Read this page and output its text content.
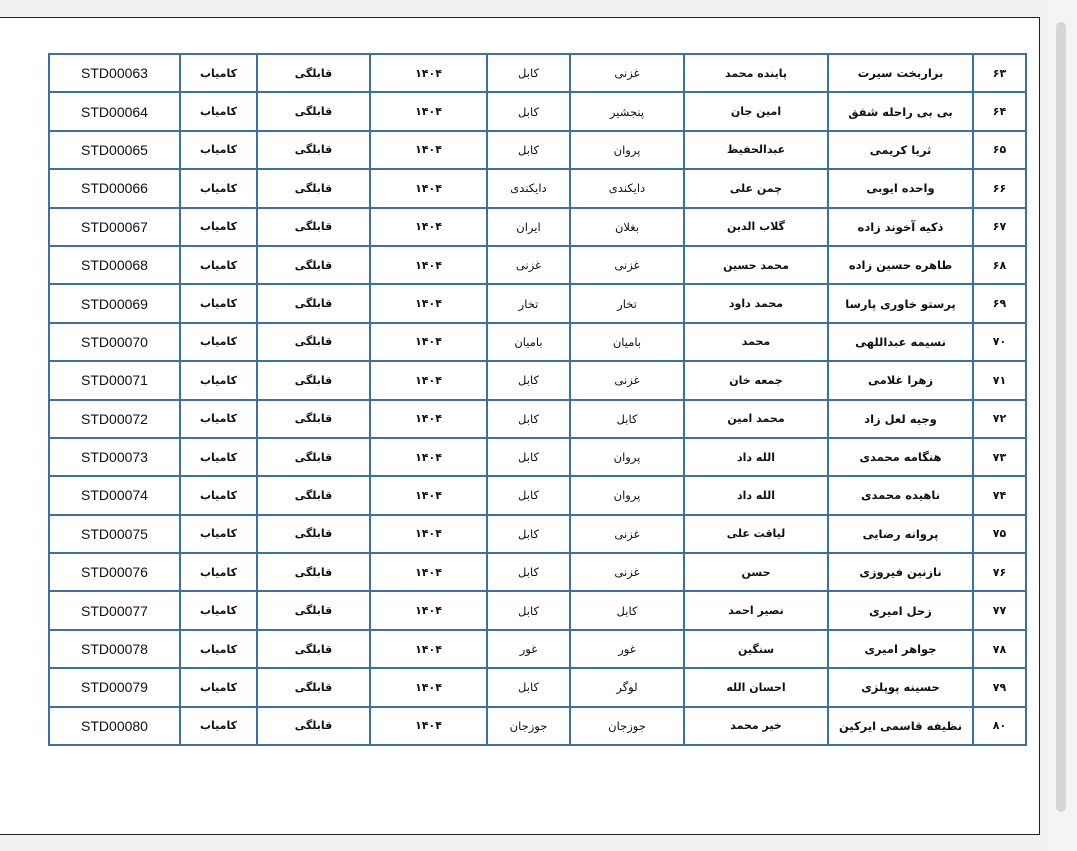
STD00063	کامیاب	قابلگی	۱۴۰۴	کابل	غزنی	پاینده محمد	براربخت سیرت	۶۳
STD00064	کامیاب	قابلگی	۱۴۰۴	کابل	پنجشیر	امین جان	بی بی راحله شفق	۶۴
STD00065	کامیاب	قابلگی	۱۴۰۴	کابل	پروان	عبدالحفیظ	ثریا کریمی	۶۵
STD00066	کامیاب	قابلگی	۱۴۰۴	دایکندی	دایکندی	چمن علی	واحده ایوبی	۶۶
STD00067	کامیاب	قابلگی	۱۴۰۴	ایران	بغلان	گلاب الدین	ذکیه آخوند زاده	۶۷
STD00068	کامیاب	قابلگی	۱۴۰۴	غزنی	غزنی	محمد حسین	طاهره حسین زاده	۶۸
STD00069	کامیاب	قابلگی	۱۴۰۴	تخار	تخار	محمد داود	پرستو خاوری پارسا	۶۹
STD00070	کامیاب	قابلگی	۱۴۰۴	بامیان	بامیان	محمد	نسیمه عبداللهی	۷۰
STD00071	کامیاب	قابلگی	۱۴۰۴	کابل	غزنی	جمعه خان	زهرا غلامی	۷۱
STD00072	کامیاب	قابلگی	۱۴۰۴	کابل	کابل	محمد امین	وجیه لعل زاد	۷۲
STD00073	کامیاب	قابلگی	۱۴۰۴	کابل	پروان	الله داد	هنگامه محمدی	۷۳
STD00074	کامیاب	قابلگی	۱۴۰۴	کابل	پروان	الله داد	ناهیده محمدی	۷۴
STD00075	کامیاب	قابلگی	۱۴۰۴	کابل	غزنی	لیاقت علی	پروانه رضایی	۷۵
STD00076	کامیاب	قابلگی	۱۴۰۴	کابل	غزنی	حسن	نازنین فیروزی	۷۶
STD00077	کامیاب	قابلگی	۱۴۰۴	کابل	کابل	نصیر احمد	زحل امیری	۷۷
STD00078	کامیاب	قابلگی	۱۴۰۴	غور	غور	سنگین	جواهر امیری	۷۸
STD00079	کامیاب	قابلگی	۱۴۰۴	کابل	لوگر	احسان الله	حسینه پوپلزی	۷۹
STD00080	کامیاب	قابلگی	۱۴۰۴	جوزجان	جوزجان	خیر محمد	نظیفه قاسمی ایرکین	۸۰
